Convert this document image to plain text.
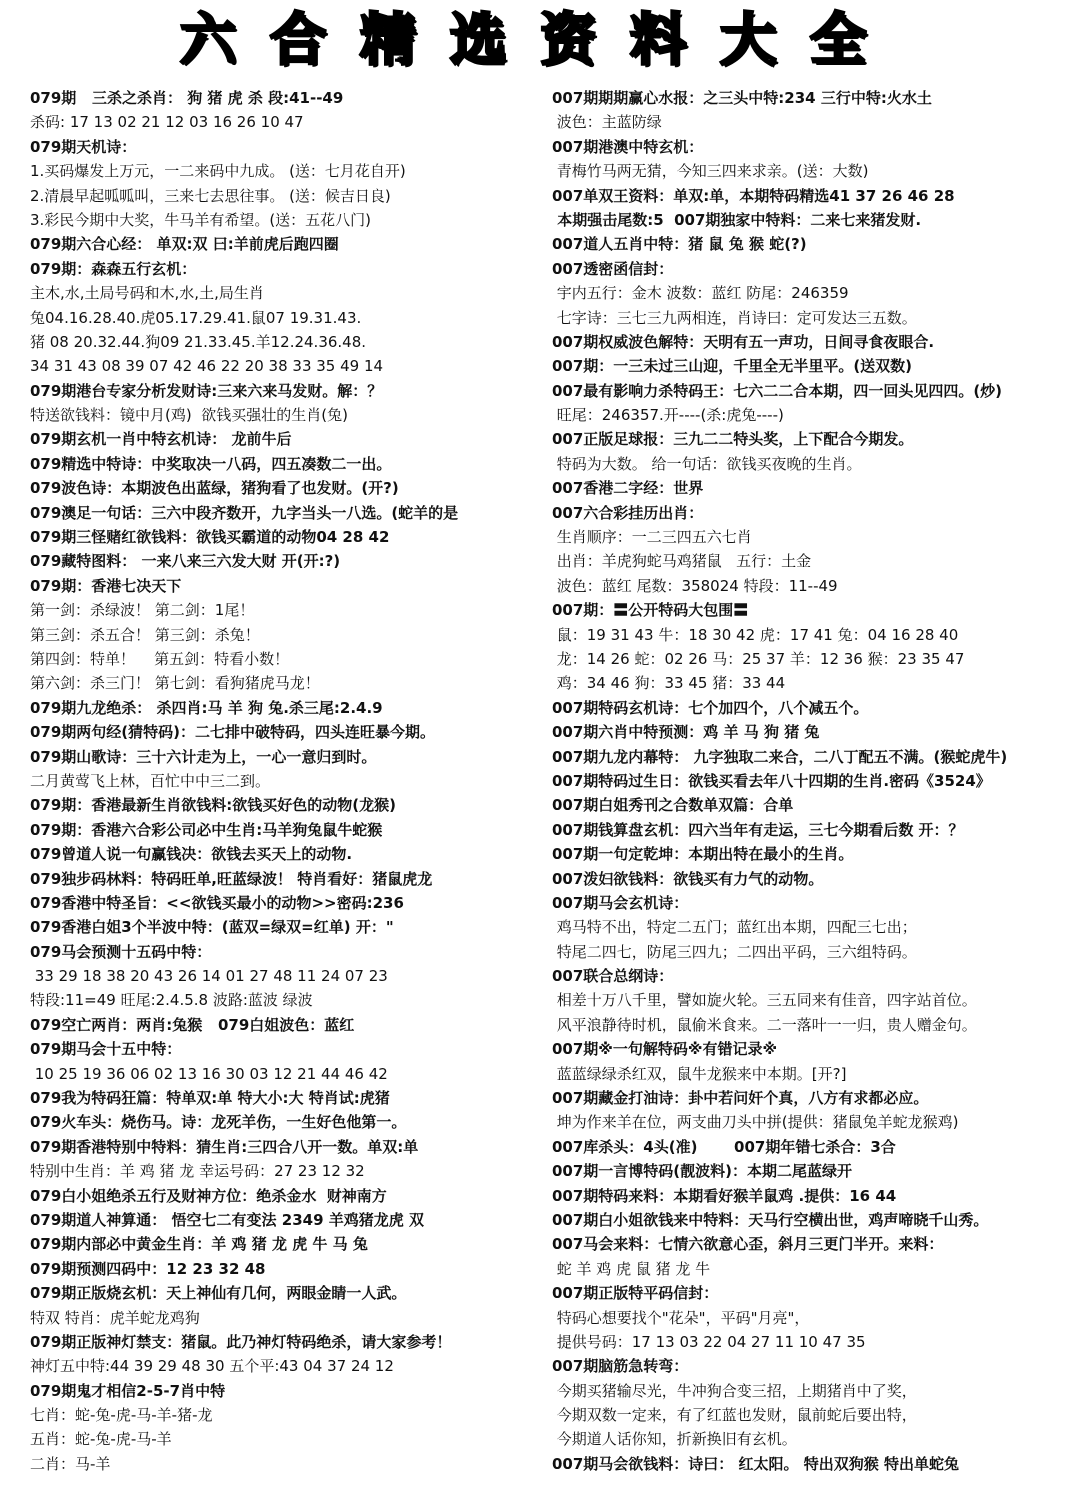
六合精选资料大全
079期   三杀之杀肖： 狗 猪 虎 杀 段:41--49
杀码: 17 13 02 21 12 03 16 26 10 47
079期天机诗：
1.买码爆发上万元，一二来码中九成。 (送：七月花自开)
2.清晨早起呱呱叫，三来七去思往事。 (送：候吉日良)
3.彩民今期中大奖，牛马羊有希望。(送：五花八门)
079期六合心经： 单双:双 曰:羊前虎后跑四圈
079期：森森五行玄机：
主木,水,土局号码和木,水,土,局生肖
兔04.16.28.40.虎05.17.29.41.鼠07 19.31.43.
猪 08 20.32.44.狗09 21.33.45.羊12.24.36.48.
34 31 43 08 39 07 42 46 22 20 38 33 35 49 14
079期港台专家分析发财诗:三来六来马发财。解：？
特送欲钱料：镜中月(鸡)  欲钱买强壮的生肖(兔)
079期玄机一肖中特玄机诗： 龙前牛后
079精选中特诗：中奖取决一八码，四五凑数二一出。
079波色诗：本期波色出蓝绿，猪狗看了也发财。(开?)
079澳足一句话：三六中段齐数开，九字当头一八选。(蛇羊的是
079期三怪赌红欲钱料：欲钱买霸道的动物04 28 42
079藏特图料： 一来八来三六发大财 开(开:?)
079期：香港七决天下
第一剑：杀绿波！ 第二剑：1尾！
第三剑：杀五合！ 第三剑：杀兔！
第四剑：特单！    第五剑：特看小数！
第六剑：杀三门！ 第七剑：看狗猪虎马龙！
079期九龙绝杀： 杀四肖:马 羊 狗 兔.杀三尾:2.4.9
079期两句经(猜特码)：二七排中破特码，四头连旺暴今期。
079期山歌诗：三十六计走为上，一心一意归到时。
二月黄莺飞上林，百忙中中三二到。
079期：香港最新生肖欲钱料:欲钱买好色的动物(龙猴)
079期：香港六合彩公司必中生肖:马羊狗兔鼠牛蛇猴
079曾道人说一句赢钱决：欲钱去买天上的动物.
079独步码林料：特码旺单,旺蓝绿波！ 特肖看好：猪鼠虎龙
079香港中特圣旨：<<欲钱买最小的动物>>密码:236
079香港白姐3个半波中特：(蓝双=绿双=红单) 开："
079马会预测十五码中特：
33 29 18 38 20 43 26 14 01 27 48 11 24 07 23
特段:11=49 旺尾:2.4.5.8 波路:蓝波 绿波
079空亡两肖：两肖:兔猴   079白姐波色：蓝红
079期马会十五中特：
10 25 19 36 06 02 13 16 30 03 12 21 44 46 42
079我为特码狂篇：特单双:单 特大小:大 特肖试:虎猪
079火车头：烧伤马。诗：龙死羊伤，一生好色他第一。
079期香港特别中特料：猜生肖:三四合八开一数。单双:单
特别中生肖：羊 鸡 猪 龙 幸运号码：27 23 12 32
079白小姐绝杀五行及财神方位：绝杀金水  财神南方
079期道人神算通： 悟空七二有变法 2349 羊鸡猪龙虎 双
079期内部必中黄金生肖：羊 鸡 猪 龙 虎 牛 马 兔
079期预测四码中：12 23 32 48
079期正版烧玄机：天上神仙有几何，两眼金睛一人武。
特双 特肖：虎羊蛇龙鸡狗
079期正版神灯禁支：猪鼠。此乃神灯特码绝杀，请大家参考！
神灯五中特:44 39 29 48 30 五个平:43 04 37 24 12
079期鬼才相信2-5-7肖中特
七肖：蛇-兔-虎-马-羊-猪-龙
五肖：蛇-兔-虎-马-羊
二肖：马-羊
007期期期赢心水报：之三头中特:234 三行中特:火水土
波色：主蓝防绿
007期港澳中特玄机：
青梅竹马两无猜，今知三四来求亲。(送：大数)
007单双王资料：单双:单，本期特码精选41 37 26 46 28
本期强击尾数:5  007期独家中特料：二来七来猪发财.
007道人五肖中特：猪 鼠 兔 猴 蛇(?)
007透密函信封：
宇内五行：金木 波数：蓝红 防尾：246359
七字诗：三七三九两相连，肖诗曰：定可发达三五数。
007期权威波色解特：天明有五一声功，日间寻食夜眼合.
007期：一三未过三山迎，千里全无半里平。(送双数)
007最有影响力杀特码王：七六二二合本期，四一回头见四四。(炒)
旺尾：246357.开----(杀:虎兔----)
007正版足球报：三九二二特头奖，上下配合今期发。
特码为大数。 给一句话：欲钱买夜晚的生肖。
007香港二字经：世界
007六合彩挂历出肖：
生肖顺序：一二三四五六七肖
出肖：羊虎狗蛇马鸡猪鼠   五行：土金
波色：蓝红 尾数：358024 特段：11--49
007期：〓公开特码大包围〓
鼠：19 31 43 牛：18 30 42 虎：17 41 兔：04 16 28 40
龙：14 26 蛇：02 26 马：25 37 羊：12 36 猴：23 35 47
鸡：34 46 狗：33 45 猪：33 44
007期特码玄机诗：七个加四个，八个减五个。
007期六肖中特预测：鸡 羊 马 狗 猪 兔
007期九龙内幕特： 九字独取二来合，二八丁配五不满。(猴蛇虎牛)
007期特码过生日：欲钱买看去年八十四期的生肖.密码《3524》
007期白姐秀刊之合数单双篇：合单
007期钱算盘玄机：四六当年有走运，三七今期看后数 开：？
007期一句定乾坤：本期出特在最小的生肖。
007泼妇欲钱料：欲钱买有力气的动物。
007期马会玄机诗：
鸡马特不出，特定二五门；蓝红出本期，四配三七出；
特尾二四七，防尾三四九；二四出平码，三六组特码。
007联合总纲诗：
相差十万八千里，譬如旋火轮。三五同来有佳音，四字站首位。
风平浪静待时机，鼠偷米食来。二一落叶一一归，贵人赠金句。
007期※一句解特码※有错记录※
蓝蓝绿绿杀红双，鼠牛龙猴来中本期。[开?]
007期藏金打油诗：卦中若问奸个真，八方有求都必应。
坤为作来羊在位，两支曲刀头中拼(提供：猪鼠兔羊蛇龙猴鸡)
007库杀头：4头(准)       007期年错七杀合：3合
007期一言博特码(靓波料)：本期二尾蓝绿开
007期特码来料：本期看好猴羊鼠鸡 .提供：16 44
007期白小姐欲钱来中特料：天马行空横出世，鸡声啼晓千山秀。
007马会来料：七情六欲意心歪，斜月三更门半开。来料：
蛇 羊 鸡 虎 鼠 猪 龙 牛
007期正版特平码信封：
特码心想要找个"花朵"，平码"月亮"，
提供号码：17 13 03 22 04 27 11 10 47 35
007期脑筋急转弯：
今期买猪输尽光，牛冲狗合变三招，上期猪肖中了奖，
今期双数一定来，有了红蓝也发财，鼠前蛇后要出特，
今期道人话你知，折新换旧有玄机。
007期马会欲钱料：诗曰： 红太阳。 特出双狗猴 特出单蛇兔
